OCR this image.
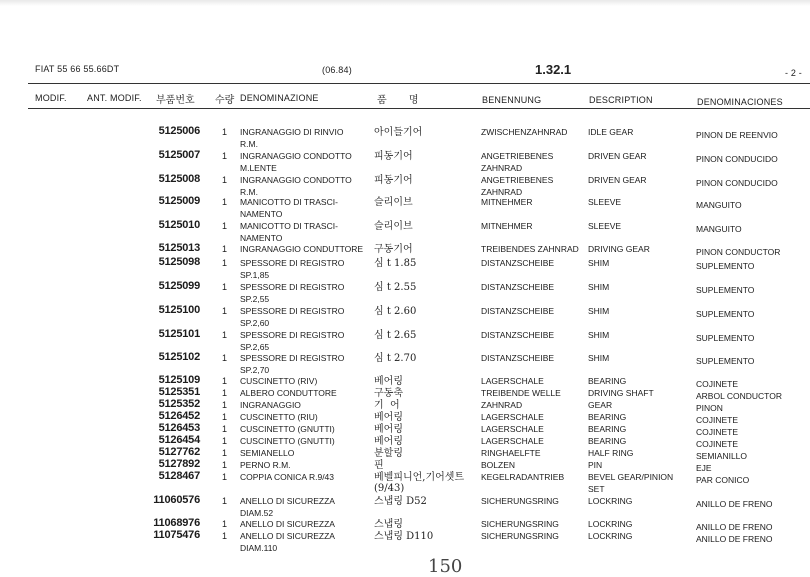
FIAT 55 66 55.66DT	(06.84)	1.32.1	- 2 -
MODIF. ANT. MODIF. 부품번호 수량 DENOMINAZIONE	품       명	BENENNUNG	DESCRIPTION	DENOMINACIONES
5125006 1 INGRANAGGIO DI RINVIO
R.M.
아이들기어	ZWISCHENZAHNRAD	IDLE GEAR	PINON DE REENVIO
5125007 1 INGRANAGGIO CONDOTTO
M.LENTE
피동기어	ANGETRIEBENES
ZAHNRAD
DRIVEN GEAR	PINON CONDUCIDO
5125008 1 INGRANAGGIO CONDOTTO
R.M.
피동기어	ANGETRIEBENES
ZAHNRAD
DRIVEN GEAR	PINON CONDUCIDO
5125009 1 MANICOTTO DI TRASCI-
NAMENTO
슬리이브	MITNEHMER	SLEEVE	MANGUITO
5125010 1 MANICOTTO DI TRASCI-
NAMENTO
슬리이브	MITNEHMER	SLEEVE	MANGUITO
5125013 1 INGRANAGGIO CONDUTTORE	구동기어	TREIBENDES ZAHNRAD	DRIVING GEAR	PINON CONDUCTOR
5125098 1 SPESSORE DI REGISTRO
SP.1,85
심 t 1.85	DISTANZSCHEIBE	SHIM	SUPLEMENTO
5125099 1 SPESSORE DI REGISTRO
SP.2,55
심 t 2.55	DISTANZSCHEIBE	SHIM	SUPLEMENTO
5125100 1 SPESSORE DI REGISTRO
SP.2,60
심 t 2.60	DISTANZSCHEIBE	SHIM	SUPLEMENTO
5125101 1 SPESSORE DI REGISTRO
SP.2,65
심 t 2.65	DISTANZSCHEIBE	SHIM	SUPLEMENTO
5125102 1 SPESSORE DI REGISTRO
SP.2,70
심 t 2.70	DISTANZSCHEIBE	SHIM	SUPLEMENTO
5125109 1 CUSCINETTO (RIV)	베어링	LAGERSCHALE	BEARING	COJINETE
5125351 1 ALBERO CONDUTTORE	구동축	TREIBENDE WELLE	DRIVING SHAFT	ARBOL CONDUCTOR
5125352 1 INGRANAGGIO	기  어	ZAHNRAD	GEAR	PINON
5126452 1 CUSCINETTO (RIU)	베어링	LAGERSCHALE	BEARING	COJINETE
5126453 1 CUSCINETTO (GNUTTI)	베어링	LAGERSCHALE	BEARING	COJINETE
5126454 1 CUSCINETTO (GNUTTI)	베어링	LAGERSCHALE	BEARING	COJINETE
5127762 1 SEMIANELLO	분할링	RINGHAELFTE	HALF RING	SEMIANILLO
5127892 1 PERNO R.M.	핀	BOLZEN	PIN	EJE
5128467 1 COPPIA CONICA R.9/43	베벨피니언,기어셋트
(9/43)
KEGELRADANTRIEB	BEVEL GEAR/PINION
SET
PAR CONICO
11060576 1 ANELLO DI SICUREZZA
DIAM.52
스냅링 D52	SICHERUNGSRING	LOCKRING	ANILLO DE FRENO
11068976 1 ANELLO DI SICUREZZA	스냅링	SICHERUNGSRING	LOCKRING	ANILLO DE FRENO
11075476 1 ANELLO DI SICUREZZA
DIAM.110
스냅링 D110	SICHERUNGSRING	LOCKRING	ANILLO DE FRENO
150
